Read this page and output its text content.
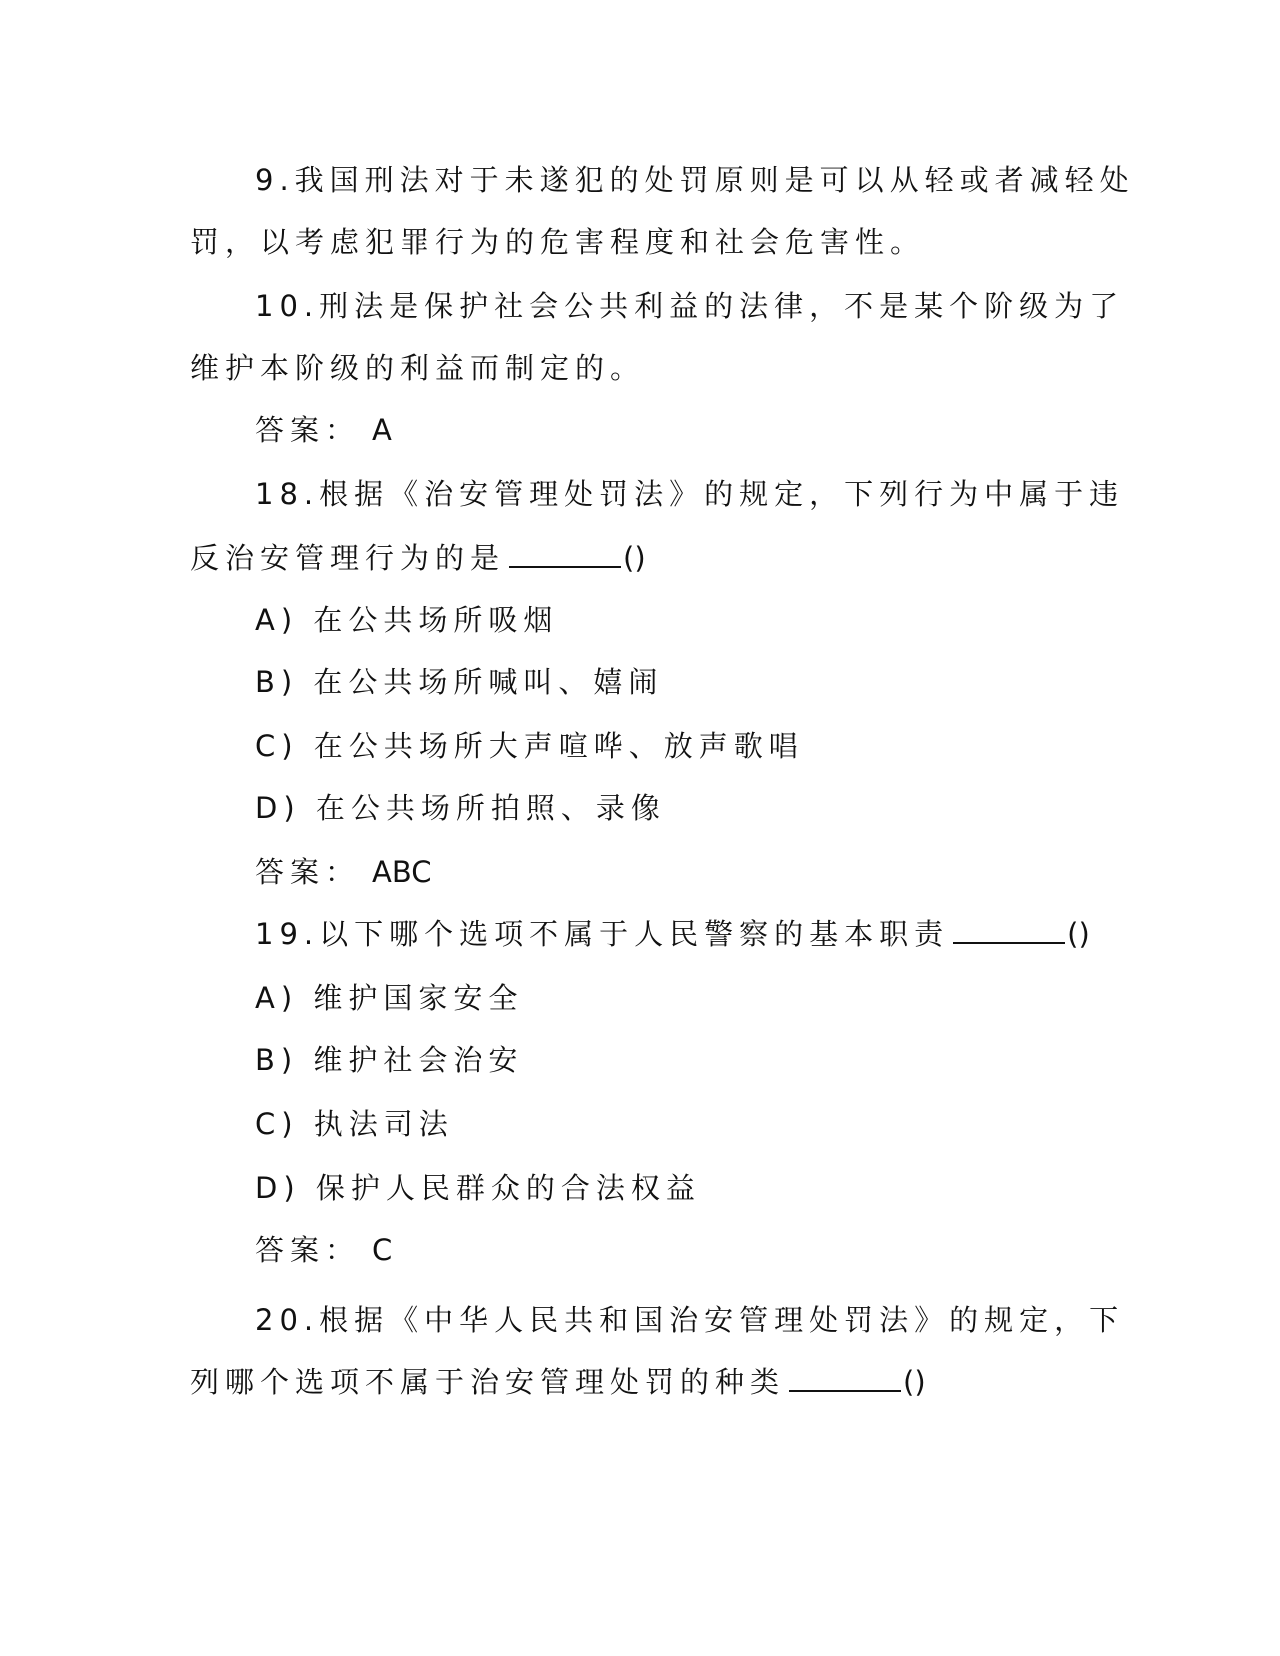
9.我国刑法对于未遂犯的处罚原则是可以从轻或者减轻处
罚，以考虑犯罪行为的危害程度和社会危害性。
10.刑法是保护社会公共利益的法律，不是某个阶级为了
维护本阶级的利益而制定的。
答案： A
18.根据《治安管理处罚法》的规定，下列行为中属于违
反治安管理行为的是	()
A) 在公共场所吸烟
B) 在公共场所喊叫、嬉闹
C) 在公共场所大声喧哗、放声歌唱
D) 在公共场所拍照、录像
答案： ABC
19.以下哪个选项不属于人民警察的基本职责	()
A) 维护国家安全
B) 维护社会治安
C) 执法司法
D) 保护人民群众的合法权益
答案： C
20.根据《中华人民共和国治安管理处罚法》的规定，下
列哪个选项不属于治安管理处罚的种类	()
